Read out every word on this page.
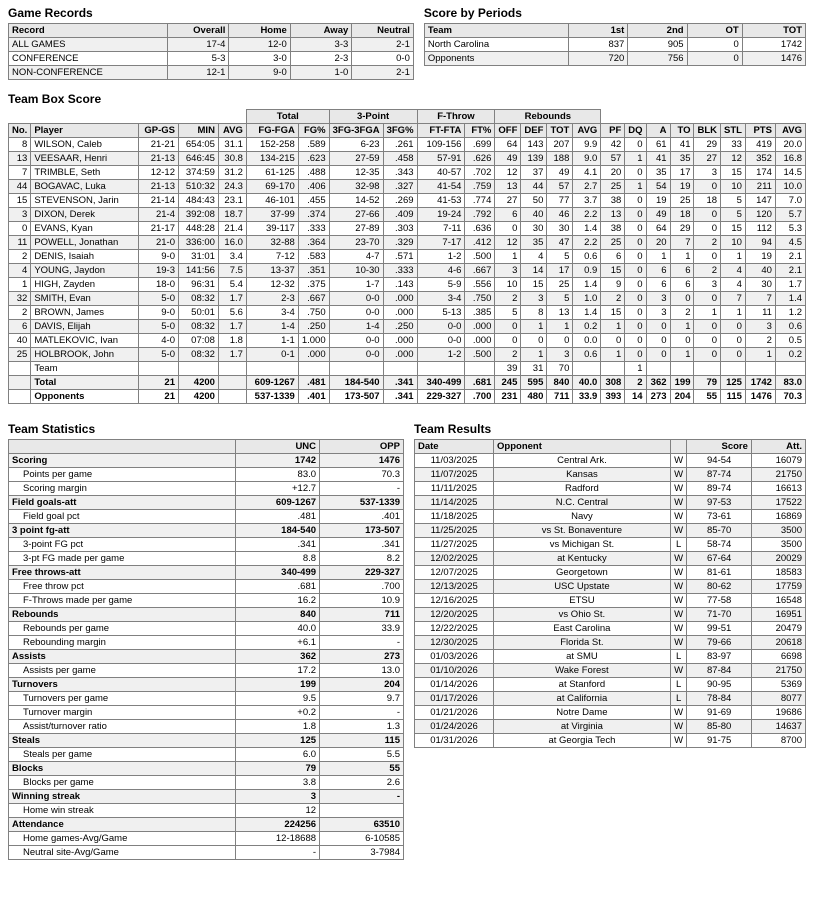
Game Records
Record	Overall	Home	Away	Neutral
ALL GAMES	17-4	12-0	3-3	2-1
CONFERENCE	5-3	3-0	2-3	0-0
NON-CONFERENCE	12-1	9-0	1-0	2-1
Score by Periods
Team	1st	2nd	OT	TOT
North Carolina	837	905	0	1742
Opponents	720	756	0	1476
Team Box Score
					Total		3-Point		F-Throw		Rebounds											
No.	Player	GP-GS	MIN	AVG	FG-FGA	FG%	3FG-3FGA	3FG%	FT-FTA	FT%	OFF	DEF	TOT	AVG	PF	DQ	A	TO	BLK	STL	PTS	AVG
8	WILSON, Caleb	21-21	654:05	31.1	152-258	.589	6-23	.261	109-156	.699	64	143	207	9.9	42	0	61	41	29	33	419	20.0
13	VEESAAR, Henri	21-13	646:45	30.8	134-215	.623	27-59	.458	57-91	.626	49	139	188	9.0	57	1	41	35	27	12	352	16.8
7	TRIMBLE, Seth	12-12	374:59	31.2	61-125	.488	12-35	.343	40-57	.702	12	37	49	4.1	20	0	35	17	3	15	174	14.5
44	BOGAVAC, Luka	21-13	510:32	24.3	69-170	.406	32-98	.327	41-54	.759	13	44	57	2.7	25	1	54	19	0	10	211	10.0
15	STEVENSON, Jarin	21-14	484:43	23.1	46-101	.455	14-52	.269	41-53	.774	27	50	77	3.7	38	0	19	25	18	5	147	7.0
3	DIXON, Derek	21-4	392:08	18.7	37-99	.374	27-66	.409	19-24	.792	6	40	46	2.2	13	0	49	18	0	5	120	5.7
0	EVANS, Kyan	21-17	448:28	21.4	39-117	.333	27-89	.303	7-11	.636	0	30	30	1.4	38	0	64	29	0	15	112	5.3
11	POWELL, Jonathan	21-0	336:00	16.0	32-88	.364	23-70	.329	7-17	.412	12	35	47	2.2	25	0	20	7	2	10	94	4.5
2	DENIS, Isaiah	9-0	31:01	3.4	7-12	.583	4-7	.571	1-2	.500	1	4	5	0.6	6	0	1	1	0	1	19	2.1
4	YOUNG, Jaydon	19-3	141:56	7.5	13-37	.351	10-30	.333	4-6	.667	3	14	17	0.9	15	0	6	6	2	4	40	2.1
1	HIGH, Zayden	18-0	96:31	5.4	12-32	.375	1-7	.143	5-9	.556	10	15	25	1.4	9	0	6	6	3	4	30	1.7
32	SMITH, Evan	5-0	08:32	1.7	2-3	.667	0-0	.000	3-4	.750	2	3	5	1.0	2	0	3	0	0	7	7	1.4
2	BROWN, James	9-0	50:01	5.6	3-4	.750	0-0	.000	5-13	.385	5	8	13	1.4	15	0	3	2	1	1	11	1.2
6	DAVIS, Elijah	5-0	08:32	1.7	1-4	.250	1-4	.250	0-0	.000	0	1	1	0.2	1	0	0	1	0	0	3	0.6
40	MATLEKOVIC, Ivan	4-0	07:08	1.8	1-1	1.000	0-0	.000	0-0	.000	0	0	0	0.0	0	0	0	0	0	0	2	0.5
25	HOLBROOK, John	5-0	08:32	1.7	0-1	.000	0-0	.000	1-2	.500	2	1	3	0.6	1	0	0	1	0	0	1	0.2
	Team										39	31	70			1						
	Total	21	4200		609-1267	.481	184-540	.341	340-499	.681	245	595	840	40.0	308	2	362	199	79	125	1742	83.0
	Opponents	21	4200		537-1339	.401	173-507	.341	229-327	.700	231	480	711	33.9	393	14	273	204	55	115	1476	70.3
Team Statistics
	UNC	OPP
Scoring	1742	1476
Points per game	83.0	70.3
Scoring margin	+12.7	-
Field goals-att	609-1267	537-1339
Field goal pct	.481	.401
3 point fg-att	184-540	173-507
3-point FG pct	.341	.341
3-pt FG made per game	8.8	8.2
Free throws-att	340-499	229-327
Free throw pct	.681	.700
F-Throws made per game	16.2	10.9
Rebounds	840	711
Rebounds per game	40.0	33.9
Rebounding margin	+6.1	-
Assists	362	273
Assists per game	17.2	13.0
Turnovers	199	204
Turnovers per game	9.5	9.7
Turnover margin	+0.2	-
Assist/turnover ratio	1.8	1.3
Steals	125	115
Steals per game	6.0	5.5
Blocks	79	55
Blocks per game	3.8	2.6
Winning streak	3	-
Home win streak	12	
Attendance	224256	63510
Home games-Avg/Game	12-18688	6-10585
Neutral site-Avg/Game	-	3-7984
Team Results
Date	Opponent		Score	Att.
11/03/2025	Central Ark.	W	94-54	16079
11/07/2025	Kansas	W	87-74	21750
11/11/2025	Radford	W	89-74	16613
11/14/2025	N.C. Central	W	97-53	17522
11/18/2025	Navy	W	73-61	16869
11/25/2025	vs St. Bonaventure	W	85-70	3500
11/27/2025	vs Michigan St.	L	58-74	3500
12/02/2025	at Kentucky	W	67-64	20029
12/07/2025	Georgetown	W	81-61	18583
12/13/2025	USC Upstate	W	80-62	17759
12/16/2025	ETSU	W	77-58	16548
12/20/2025	vs Ohio St.	W	71-70	16951
12/22/2025	East Carolina	W	99-51	20479
12/30/2025	Florida St.	W	79-66	20618
01/03/2026	at SMU	L	83-97	6698
01/10/2026	Wake Forest	W	87-84	21750
01/14/2026	at Stanford	L	90-95	5369
01/17/2026	at California	L	78-84	8077
01/21/2026	Notre Dame	W	91-69	19686
01/24/2026	at Virginia	W	85-80	14637
01/31/2026	at Georgia Tech	W	91-75	8700
